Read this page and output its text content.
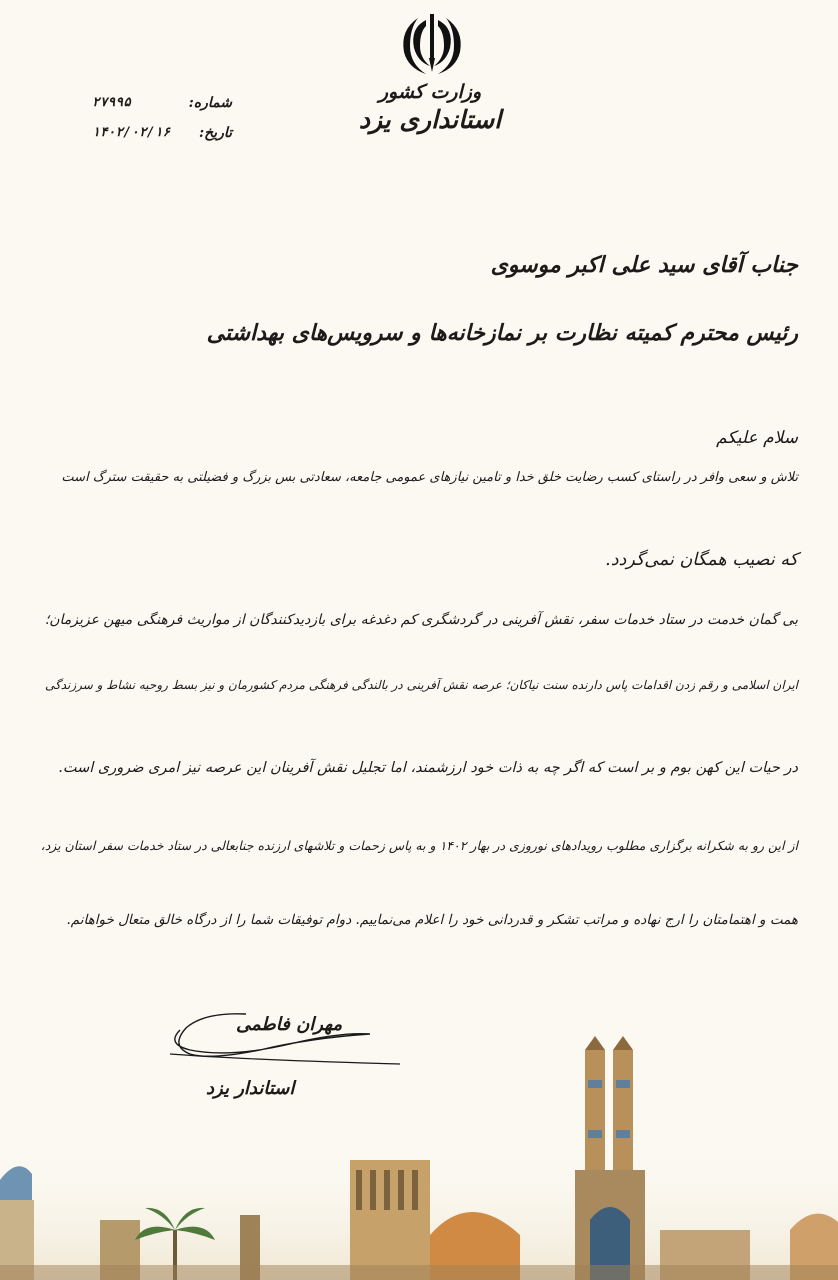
وزارت کشور
استانداری یزد
شماره:
۲۷۹۹۵
تاریخ:
۱۴۰۲/۰۲/۱۶
جناب آقای سید علی اکبر موسوی
رئیس محترم کمیته نظارت بر نمازخانه‌ها و سرویس‌های بهداشتی
سلام علیکم
تلاش و سعی وافر در راستای کسب رضایت خلق خدا و تامین نیازهای عمومی جامعه، سعادتی بس بزرگ و فضیلتی به حقیقت سترگ است
که نصیب همگان نمی‌گردد.
بی گمان خدمت در ستاد خدمات سفر، نقش آفرینی در گردشگری کم دغدغه برای بازدیدکنندگان از مواریث فرهنگی میهن عزیزمان؛
ایران اسلامی و رقم زدن اقدامات پاس دارنده سنت نیاکان؛ عرصه نقش آفرینی در بالندگی فرهنگی مردم کشورمان و نیز بسط روحیه نشاط و سرزندگی
در حیات این کهن بوم و بر است که اگر چه به ذات خود ارزشمند، اما تجلیل نقش آفرینان این عرصه نیز امری ضروری است.
از این رو به شکرانه برگزاری مطلوب رویدادهای نوروزی در بهار ۱۴۰۲ و به پاس زحمات و تلاشهای ارزنده جنابعالی در ستاد خدمات سفر استان یزد،
همت و اهتمامتان را ارج نهاده و مراتب تشکر و قدردانی خود را اعلام می‌نماییم. دوام توفیقات شما را از درگاه خالق متعال خواهانم.
مهران فاطمی
استاندار یزد
